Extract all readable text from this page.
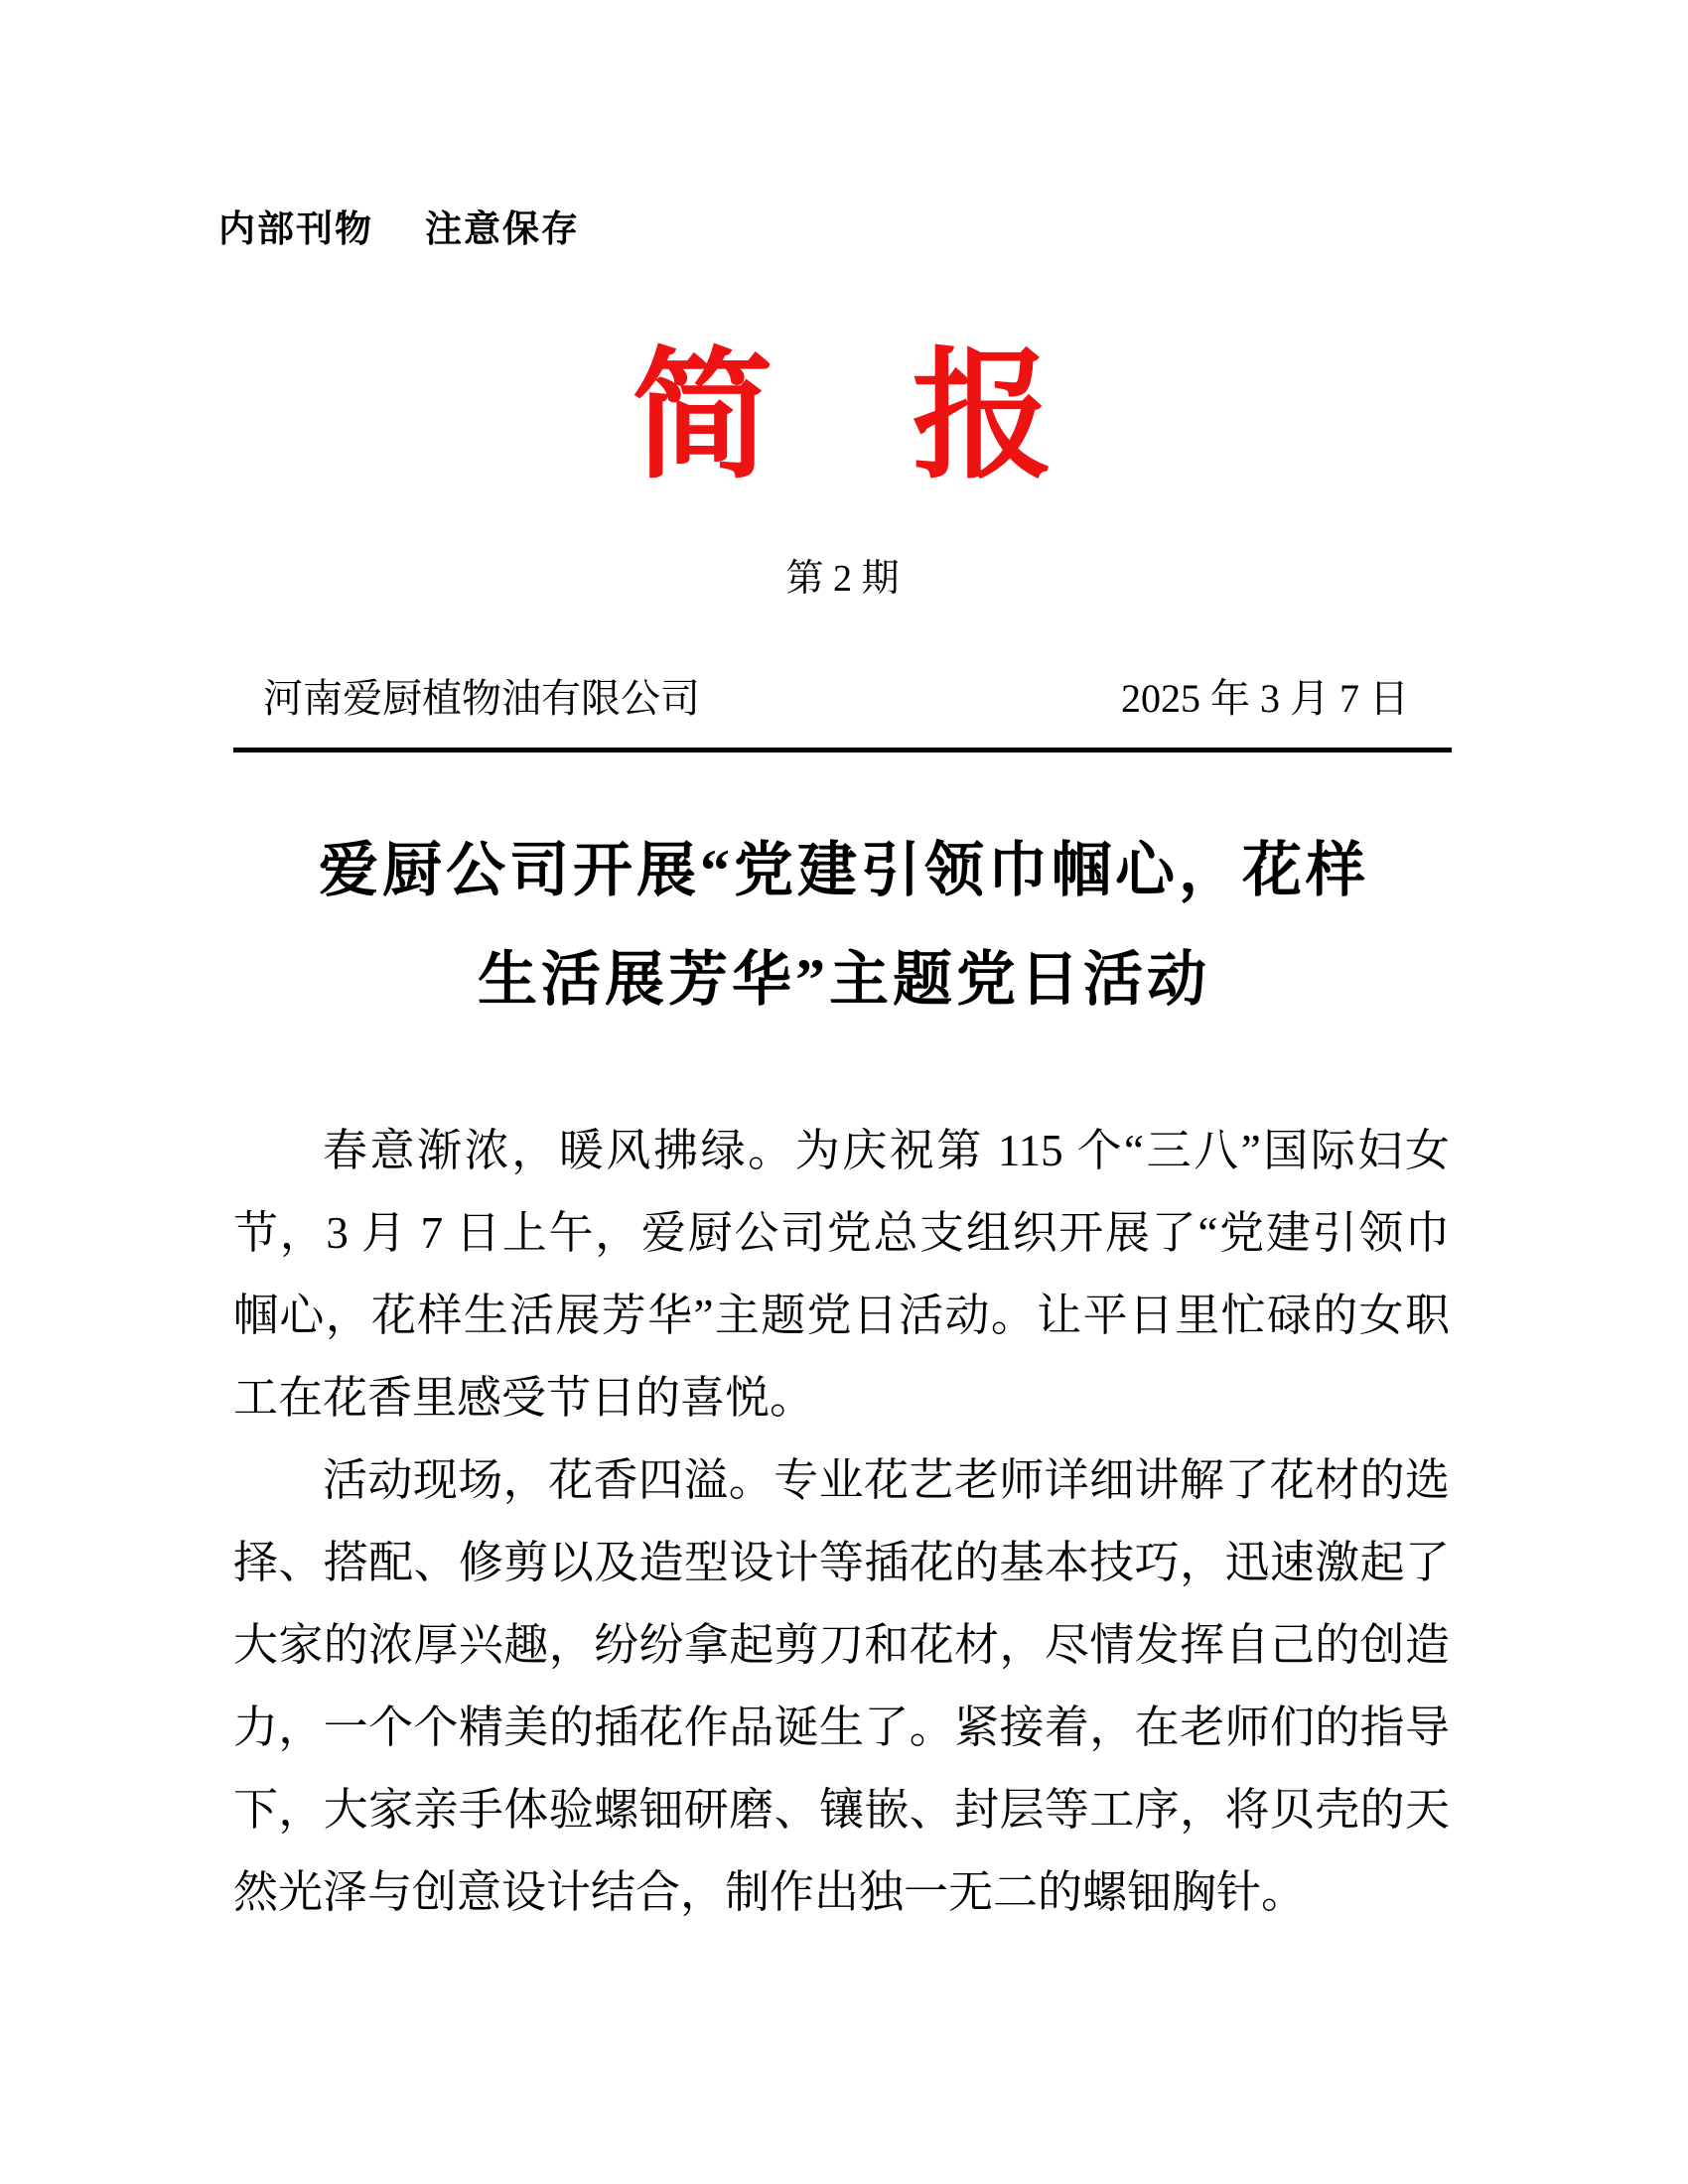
内部刊物 注意保存
简 报
第 2 期
河南爱厨植物油有限公司	2025 年 3 月 7 日
爱厨公司开展“党建引领巾帼心，花样
生活展芳华”主题党日活动
春意渐浓，暖风拂绿。为庆祝第 115 个“三八”国际妇女
节，3 月 7 日上午，爱厨公司党总支组织开展了“党建引领巾
帼心，花样生活展芳华”主题党日活动。让平日里忙碌的女职
工在花香里感受节日的喜悦。
活动现场，花香四溢。专业花艺老师详细讲解了花材的选
择、搭配、修剪以及造型设计等插花的基本技巧，迅速激起了
大家的浓厚兴趣，纷纷拿起剪刀和花材，尽情发挥自己的创造
力，一个个精美的插花作品诞生了。紧接着，在老师们的指导
下，大家亲手体验螺钿研磨、镶嵌、封层等工序，将贝壳的天
然光泽与创意设计结合，制作出独一无二的螺钿胸针。
